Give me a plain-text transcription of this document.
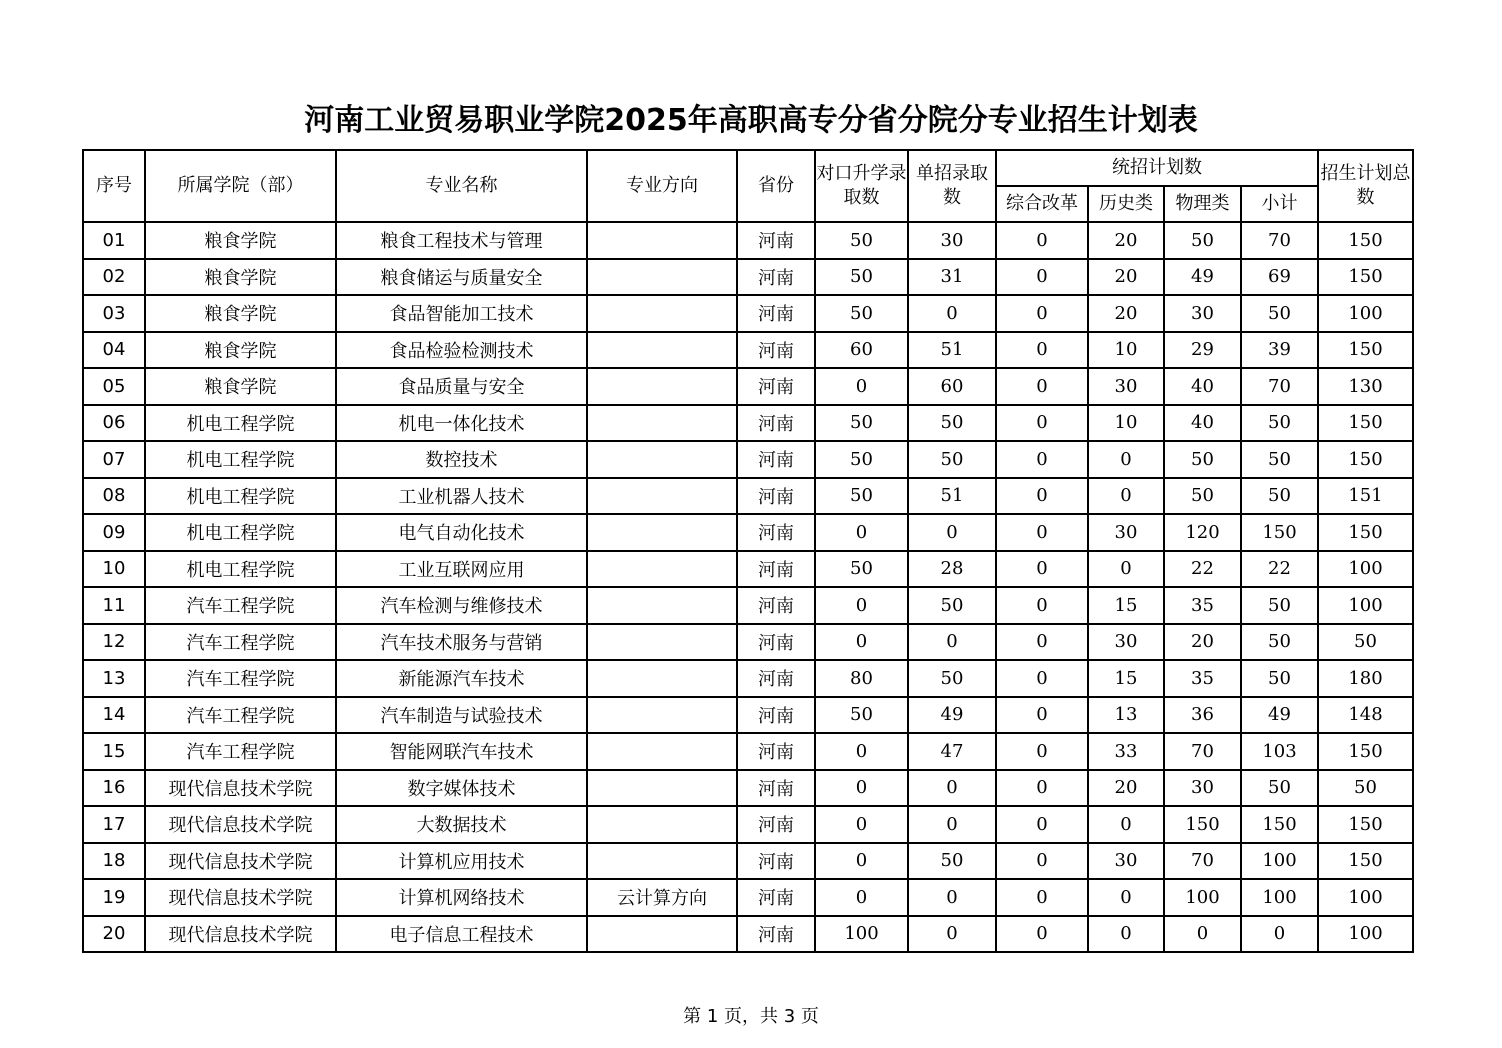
河南工业贸易职业学院2025年高职高专分省分院分专业招生计划表
序号	所属学院（部）	专业名称	专业方向	省份	对口升学录取数	单招录取数	统招计划数				招生计划总数
							综合改革	历史类	物理类	小计	
01	粮食学院	粮食工程技术与管理		河南	50	30	0	20	50	70	150
02	粮食学院	粮食储运与质量安全		河南	50	31	0	20	49	69	150
03	粮食学院	食品智能加工技术		河南	50	0	0	20	30	50	100
04	粮食学院	食品检验检测技术		河南	60	51	0	10	29	39	150
05	粮食学院	食品质量与安全		河南	0	60	0	30	40	70	130
06	机电工程学院	机电一体化技术		河南	50	50	0	10	40	50	150
07	机电工程学院	数控技术		河南	50	50	0	0	50	50	150
08	机电工程学院	工业机器人技术		河南	50	51	0	0	50	50	151
09	机电工程学院	电气自动化技术		河南	0	0	0	30	120	150	150
10	机电工程学院	工业互联网应用		河南	50	28	0	0	22	22	100
11	汽车工程学院	汽车检测与维修技术		河南	0	50	0	15	35	50	100
12	汽车工程学院	汽车技术服务与营销		河南	0	0	0	30	20	50	50
13	汽车工程学院	新能源汽车技术		河南	80	50	0	15	35	50	180
14	汽车工程学院	汽车制造与试验技术		河南	50	49	0	13	36	49	148
15	汽车工程学院	智能网联汽车技术		河南	0	47	0	33	70	103	150
16	现代信息技术学院	数字媒体技术		河南	0	0	0	20	30	50	50
17	现代信息技术学院	大数据技术		河南	0	0	0	0	150	150	150
18	现代信息技术学院	计算机应用技术		河南	0	50	0	30	70	100	150
19	现代信息技术学院	计算机网络技术	云计算方向	河南	0	0	0	0	100	100	100
20	现代信息技术学院	电子信息工程技术		河南	100	0	0	0	0	0	100
第 1 页，共 3 页
